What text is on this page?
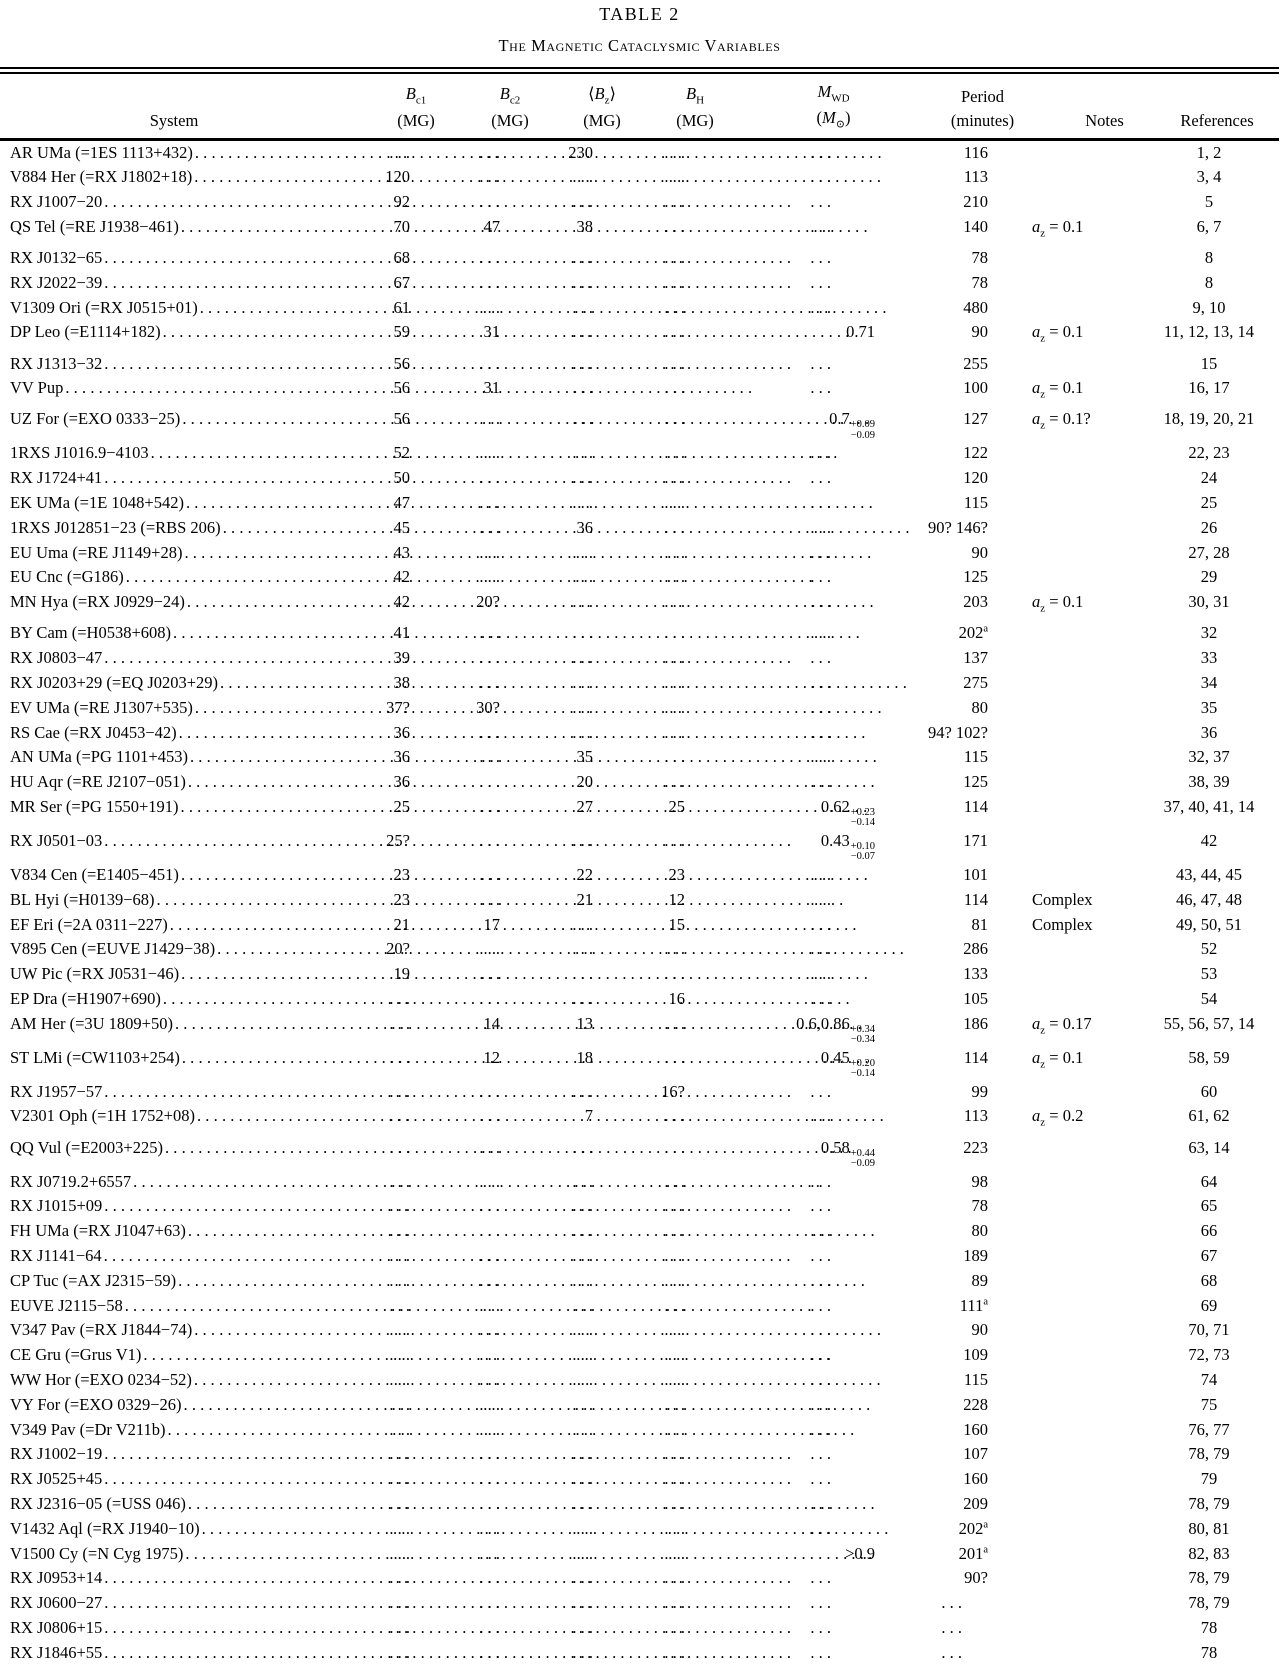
TABLE 2
The Magnetic Cataclysmic Variables
System

$B_{c1}$
(MG)

$B_{c2}$
(MG)

$⟨B_z⟩$
(MG)

$B_H$
(MG)

$M_{WD}$
$(M_⊙)$

Period
(minutes)	Notes	References

AR UMa (=1ES 1113+432)
.....	. . .	. . .	230	. . .	. . .	116		1, 2

V884 Her (=RX J1802+18)
.....	120	. . .	. . .	. . .	. . .	113		3, 4

RX J1007−20
.....	92	. . .	. . .	. . .	. . .	210		5

QS Tel (=RE J1938−461)
.....	70	47	38	. . .	. . .	140	$a_z = 0.1$	6, 7

RX J0132−65
.....	68	. . .	. . .	. . .	. . .	78		8

RX J2022−39
.....	67	. . .	. . .	. . .	. . .	78		8

V1309 Ori (=RX J0515+01)
.....	61	. . .	. . .	. . .	. . .	480		9, 10

DP Leo (=E1114+182)
.....	59	31	. . .	. . .	0.71	90	$a_z = 0.1$	11, 12, 13, 14

RX J1313−32
.....	56	. . .	. . .	. . .	. . .	255		15

VV Pup
.....	56	31	. . .	. . .	. . .	100	$a_z = 0.1$	16, 17

UZ For (=EXO 0333−25)
.....	56	. . .	. . .	. . .	0.7 +0.09
−0.09	127	$a_z = 0.1$?	18, 19, 20, 21

1RXS J1016.9−4103
.....	52	. . .	. . .	. . .	. . .	122		22, 23

RX J1724+41
.....	50	. . .	. . .	. . .	. . .	120		24

EK UMa (=1E 1048+542)
.....	47	. . .	. . .	. . .	. . .	115		25

1RXS J012851−23 (=RBS 206)
.....	45	. . .	36	. . .	. . .	90? 146?		26

EU Uma (=RE J1149+28)
.....	43	. . .	. . .	. . .	. . .	90		27, 28

EU Cnc (=G186)
.....	42	. . .	. . .	. . .	. . .	125		29

MN Hya (=RX J0929−24)
.....	42	20?	. . .	. . .	. . .	203	$a_z = 0.1$	30, 31

BY Cam (=H0538+608)
.....	41	. . .	. . .	. . .	. . .	202$^a$		32

RX J0803−47
.....	39	. . .	. . .	. . .	. . .	137		33

RX J0203+29 (=EQ J0203+29)
.....	38	. . .	. . .	. . .	. . .	275		34

EV UMa (=RE J1307+535)
.....	37?	30?	. . .	. . .	. . .	80		35

RS Cae (=RX J0453−42)
.....	36	. . .	. . .	. . .	. . .	94? 102?		36

AN UMa (=PG 1101+453)
.....	36	. . .	35	. . .	. . .	115		32, 37

HU Aqr (=RE J2107−051)
.....	36	. . .	20	. . .	. . .	125		38, 39

MR Ser (=PG 1550+191)
.....	25	. . .	27	25	0.62 +0.23
−0.14	114		37, 40, 41, 14

RX J0501−03
.....	25?	. . .	. . .	. . .	0.43 +0.10
−0.07	171		42

V834 Cen (=E1405−451)
.....	23	. . .	22	23	. . .	101		43, 44, 45

BL Hyi (=H0139−68)
.....	23	. . .	21	12	. . .	114	Complex	46, 47, 48

EF Eri (=2A 0311−227)
.....	21	17	. . .	15	. . .	81	Complex	49, 50, 51

V895 Cen (=EUVE J1429−38)
.....	20?	. . .	. . .	. . .	. . .	286		52

UW Pic (=RX J0531−46)
.....	19	. . .	. . .	. . .	. . .	133		53

EP Dra (=H1907+690)
.....	. . .	. . .	. . .	16	. . .	105		54

AM Her (=3U 1809+50)
.....	. . .	14	13	. . .	0.6,0.86 +0.34
−0.34	186	$a_z = 0.17$	55, 56, 57, 14

ST LMi (=CW1103+254)
.....	. . .	12	18	. . .	0.45 +0.20
−0.14	114	$a_z = 0.1$	58, 59

RX J1957−57
.....	. . .	. . .	. . .	16?	. . .	99		60

V2301 Oph (=1H 1752+08)
.....	. . .	. . .	7	. . .	. . .	113	$a_z = 0.2$	61, 62

QQ Vul (=E2003+225)
.....	. . .	. . .	. . .	. . .	0.58 +0.44
−0.09	223		63, 14

RX J0719.2+6557
.....	. . .	. . .	. . .	. . .	. . .	98		64

RX J1015+09
.....	. . .	. . .	. . .	. . .	. . .	78		65

FH UMa (=RX J1047+63)
.....	. . .	. . .	. . .	. . .	. . .	80		66

RX J1141−64
.....	. . .	. . .	. . .	. . .	. . .	189		67

CP Tuc (=AX J2315−59)
.....	. . .	. . .	. . .	. . .	. . .	89		68

EUVE J2115−58
.....	. . .	. . .	. . .	. . .	. . .	111$^a$		69

V347 Pav (=RX J1844−74)
.....	. . .	. . .	. . .	. . .	. . .	90		70, 71

CE Gru (=Grus V1)
.....	. . .	. . .	. . .	. . .	. . .	109		72, 73

WW Hor (=EXO 0234−52)
.....	. . .	. . .	. . .	. . .	. . .	115		74

VY For (=EXO 0329−26)
.....	. . .	. . .	. . .	. . .	. . .	228		75

V349 Pav (=Dr V211b)
.....	. . .	. . .	. . .	. . .	. . .	160		76, 77

RX J1002−19
.....	. . .	. . .	. . .	. . .	. . .	107		78, 79

RX J0525+45
.....	. . .	. . .	. . .	. . .	. . .	160		79

RX J2316−05 (=USS 046)
.....	. . .	. . .	. . .	. . .	. . .	209		78, 79

V1432 Aql (=RX J1940−10)
.....	. . .	. . .	. . .	. . .	. . .	202$^a$		80, 81

V1500 Cy (=N Cyg 1975)
.....	. . .	. . .	. . .	. . .	>0.9	201$^a$		82, 83

RX J0953+14
.....	. . .	. . .	. . .	. . .	. . .	90?		78, 79

RX J0600−27
.....	. . .	. . .	. . .	. . .	. . .	. . .		78, 79

RX J0806+15
.....	. . .	. . .	. . .	. . .	. . .	. . .		78

RX J1846+55
.....	. . .	. . .	. . .	. . .	. . .	. . .		78
